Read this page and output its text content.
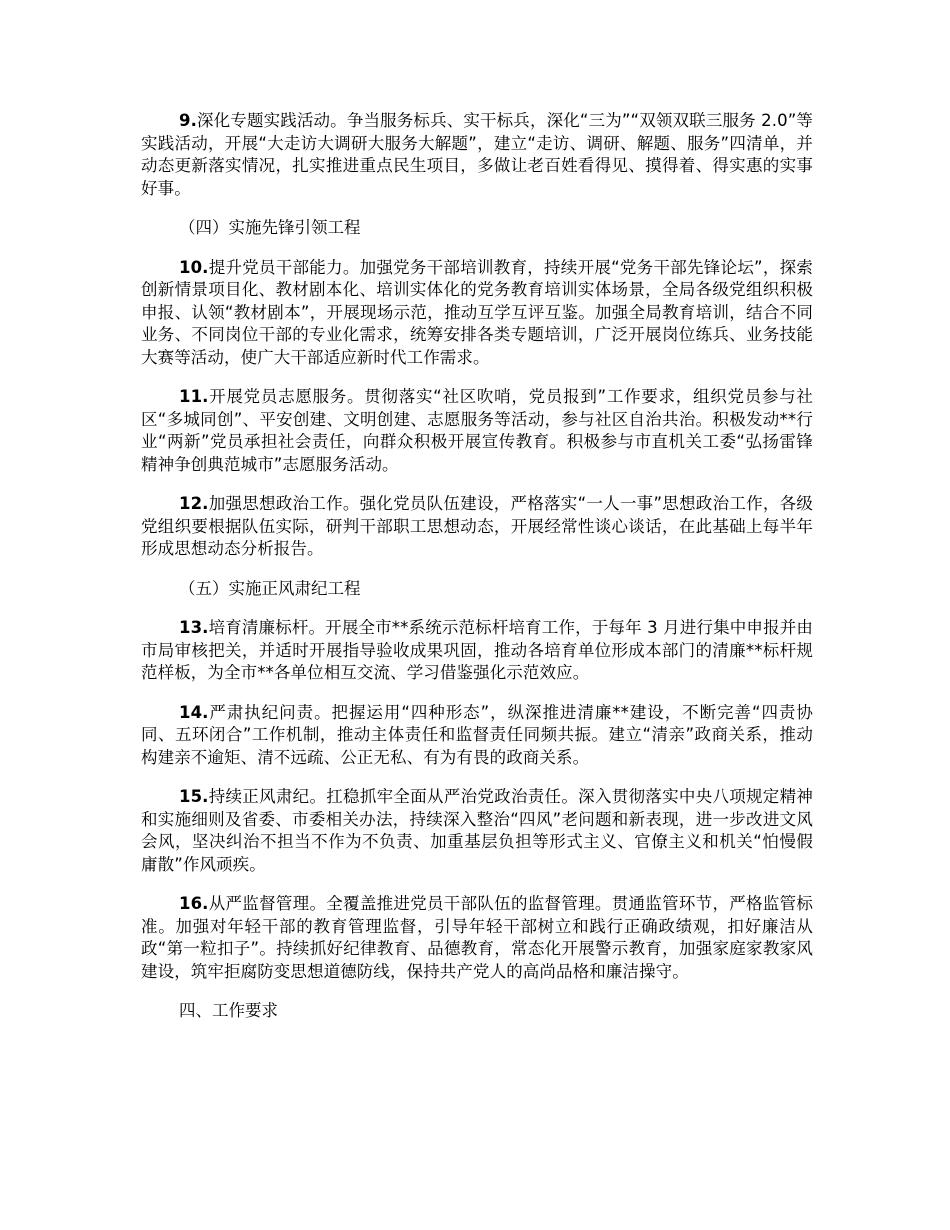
9.深化专题实践活动。争当服务标兵、实干标兵，深化“三为”“双领双联三服务 2.0”等实践活动，开展“大走访大调研大服务大解题”，建立“走访、调研、解题、服务”四清单，并动态更新落实情况，扎实推进重点民生项目，多做让老百姓看得见、摸得着、得实惠的实事好事。

（四）实施先锋引领工程

10.提升党员干部能力。加强党务干部培训教育，持续开展“党务干部先锋论坛”，探索创新情景项目化、教材剧本化、培训实体化的党务教育培训实体场景，全局各级党组织积极申报、认领“教材剧本”，开展现场示范，推动互学互评互鉴。加强全局教育培训，结合不同业务、不同岗位干部的专业化需求，统筹安排各类专题培训，广泛开展岗位练兵、业务技能大赛等活动，使广大干部适应新时代工作需求。

11.开展党员志愿服务。贯彻落实“社区吹哨，党员报到”工作要求，组织党员参与社区“多城同创”、平安创建、文明创建、志愿服务等活动，参与社区自治共治。积极发动**行业“两新”党员承担社会责任，向群众积极开展宣传教育。积极参与市直机关工委“弘扬雷锋精神争创典范城市”志愿服务活动。

12.加强思想政治工作。强化党员队伍建设，严格落实“一人一事”思想政治工作，各级党组织要根据队伍实际，研判干部职工思想动态，开展经常性谈心谈话，在此基础上每半年形成思想动态分析报告。

（五）实施正风肃纪工程

13.培育清廉标杆。开展全市**系统示范标杆培育工作，于每年 3 月进行集中申报并由市局审核把关，并适时开展指导验收成果巩固，推动各培育单位形成本部门的清廉**标杆规范样板，为全市**各单位相互交流、学习借鉴强化示范效应。

14.严肃执纪问责。把握运用“四种形态”，纵深推进清廉**建设，不断完善“四责协同、五环闭合”工作机制，推动主体责任和监督责任同频共振。建立“清亲”政商关系，推动构建亲不逾矩、清不远疏、公正无私、有为有畏的政商关系。

15.持续正风肃纪。扛稳抓牢全面从严治党政治责任。深入贯彻落实中央八项规定精神和实施细则及省委、市委相关办法，持续深入整治“四风”老问题和新表现，进一步改进文风会风，坚决纠治不担当不作为不负责、加重基层负担等形式主义、官僚主义和机关“怕慢假庸散”作风顽疾。

16.从严监督管理。全覆盖推进党员干部队伍的监督管理。贯通监管环节，严格监管标准。加强对年轻干部的教育管理监督，引导年轻干部树立和践行正确政绩观，扣好廉洁从政“第一粒扣子”。持续抓好纪律教育、品德教育，常态化开展警示教育，加强家庭家教家风建设，筑牢拒腐防变思想道德防线，保持共产党人的高尚品格和廉洁操守。

四、工作要求
